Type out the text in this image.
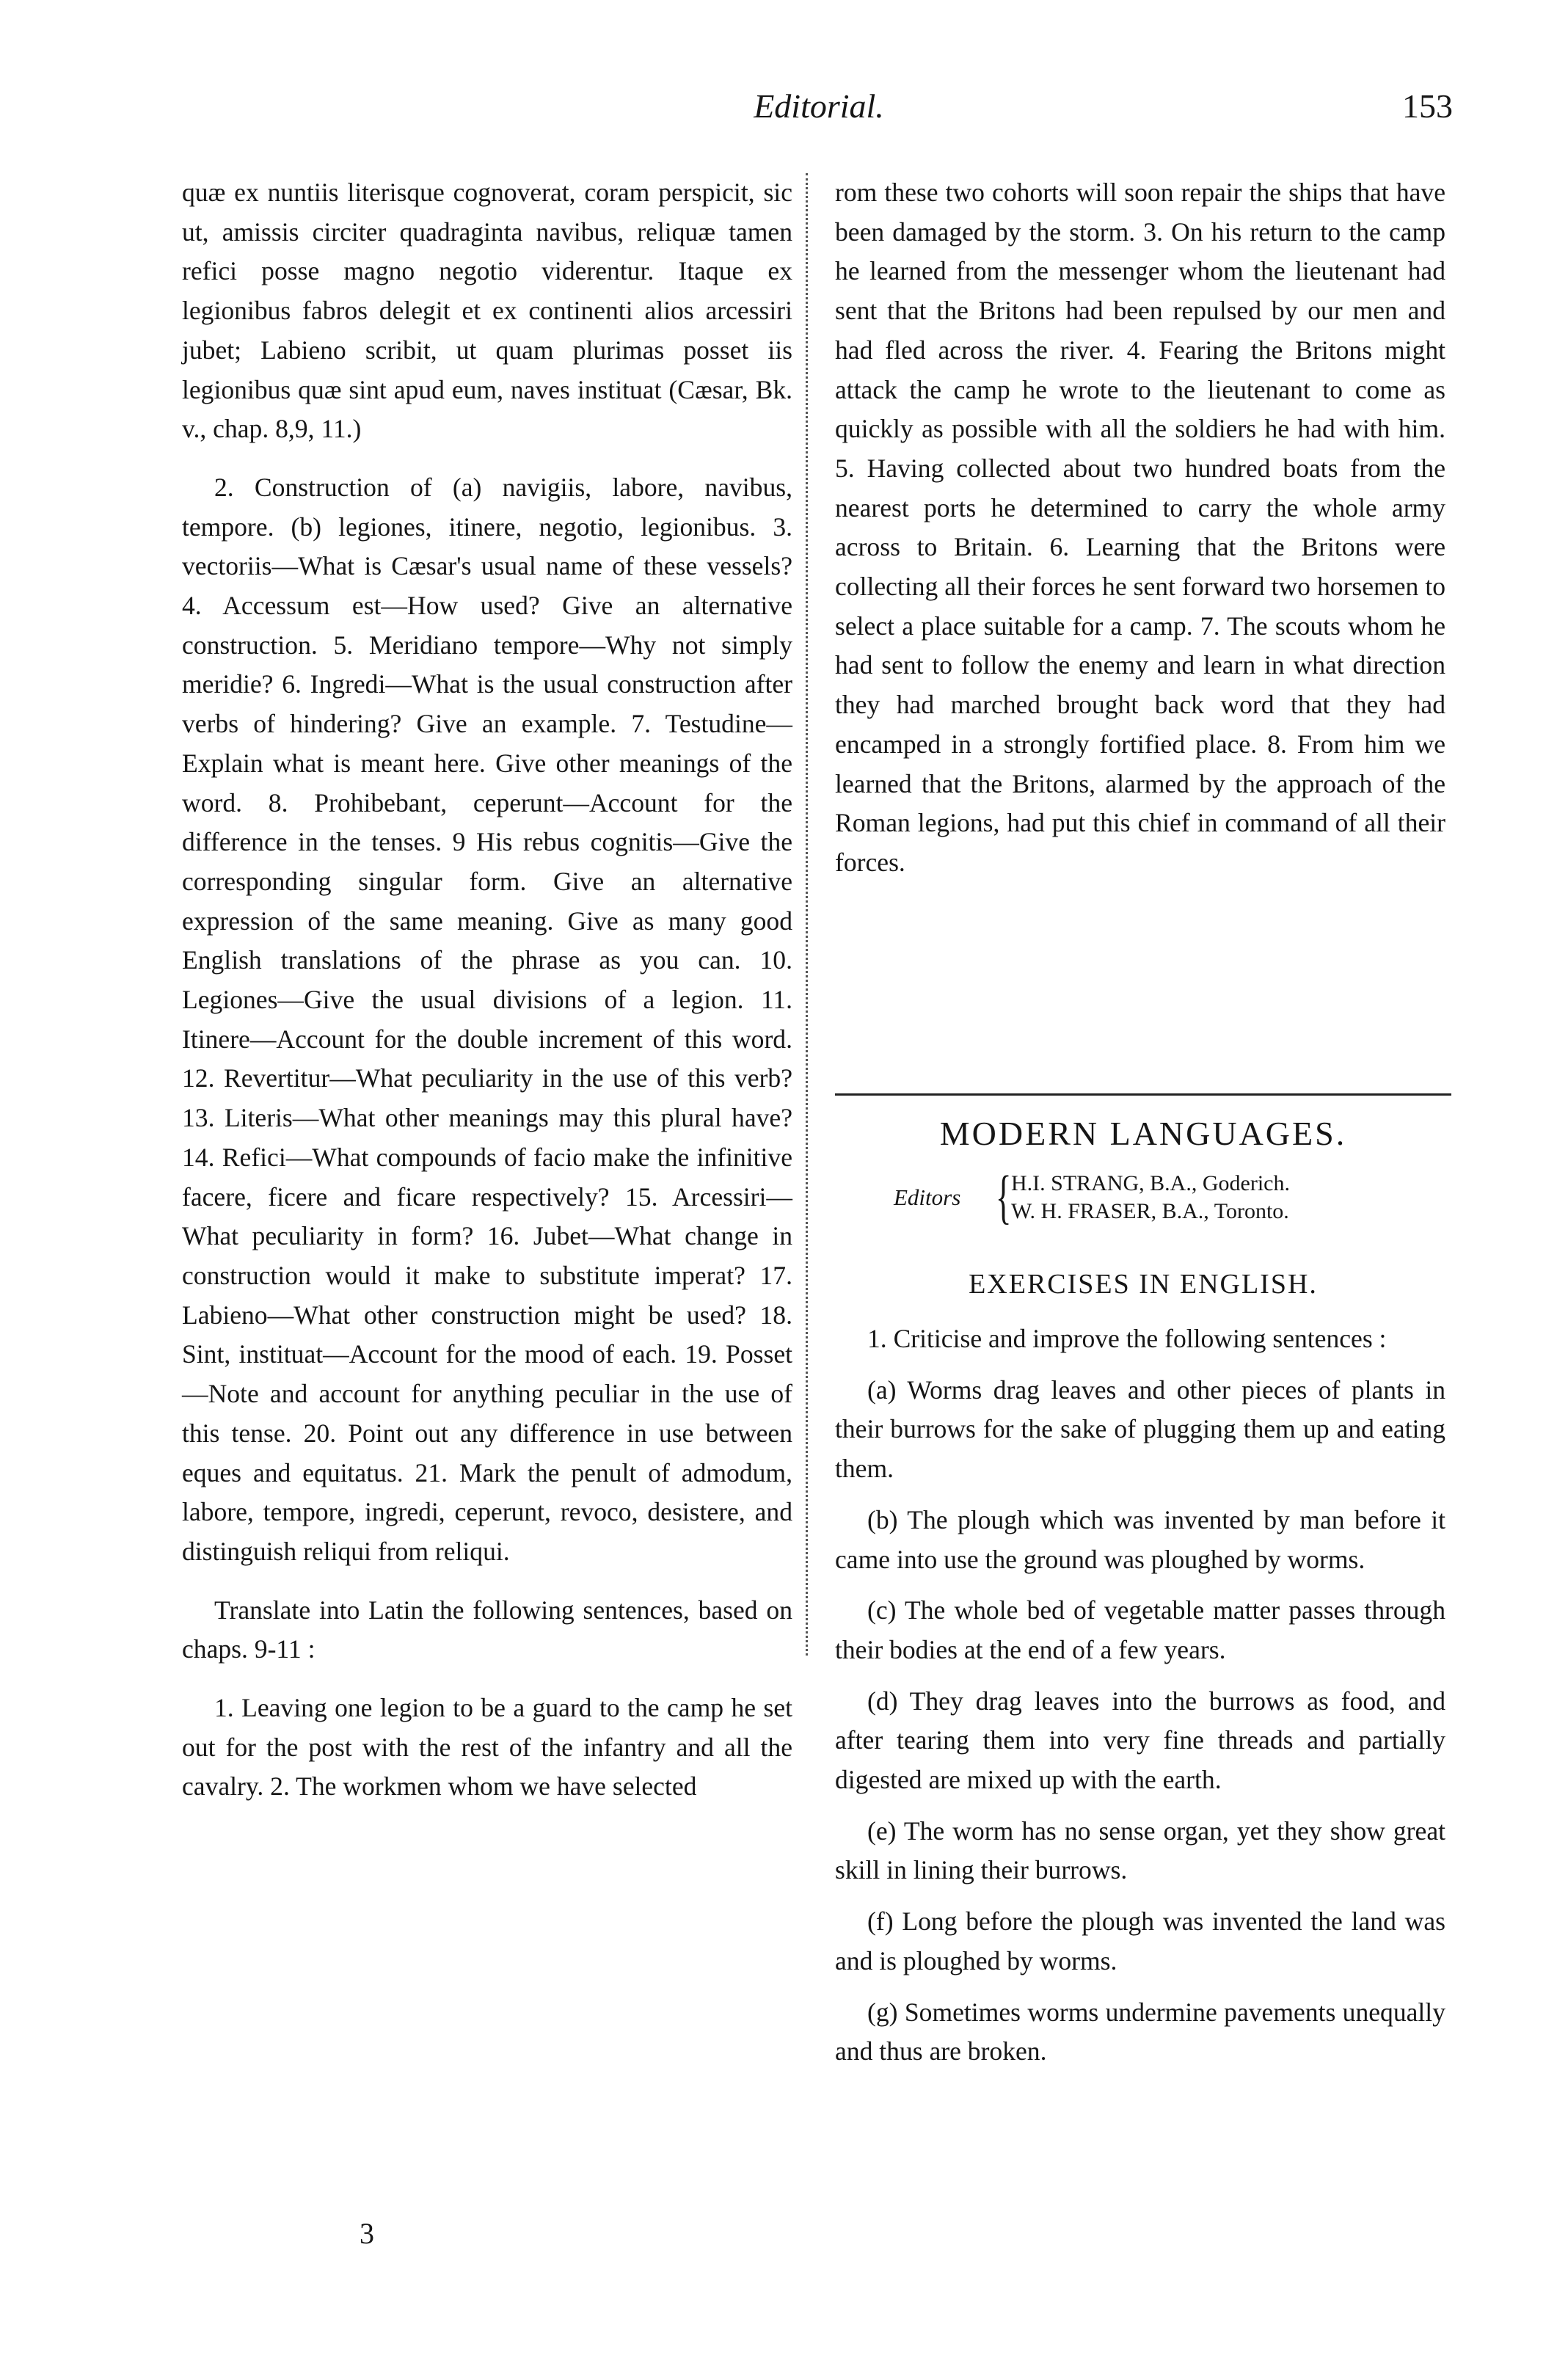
Editorial.	153

quæ ex nuntiis literisque cognoverat, coram perspicit, sic ut, amissis circiter quadraginta navibus, reliquæ tamen refici posse magno negotio viderentur. Itaque ex legionibus fabros delegit et ex continenti alios arcessiri jubet; Labieno scribit, ut quam plurimas posset iis legionibus quæ sint apud eum, naves instituat (Cæsar, Bk. v., chap. 8,9, 11.)

2. Construction of (a) navigiis, labore, navibus, tempore. (b) legiones, itinere, negotio, legionibus. 3. vectoriis—What is Cæsar's usual name of these vessels? 4. Accessum est—How used? Give an alternative construction. 5. Meridiano tempore—Why not simply meridie? 6. Ingredi—What is the usual construction after verbs of hindering? Give an example. 7. Testudine—Explain what is meant here. Give other meanings of the word. 8. Prohibebant, ceperunt—Account for the difference in the tenses. 9 His rebus cognitis—Give the corresponding singular form. Give an alternative expression of the same meaning. Give as many good English translations of the phrase as you can. 10. Legiones—Give the usual divisions of a legion. 11. Itinere—Account for the double increment of this word. 12. Revertitur—What peculiarity in the use of this verb? 13. Literis—What other meanings may this plural have? 14. Refici—What compounds of facio make the infinitive facere, ficere and ficare respectively? 15. Arcessiri—What peculiarity in form? 16. Jubet—What change in construction would it make to substitute imperat? 17. Labieno—What other construction might be used? 18. Sint, instituat—Account for the mood of each. 19. Posset—Note and account for anything peculiar in the use of this tense. 20. Point out any difference in use between eques and equitatus. 21. Mark the penult of admodum, labore, tempore, ingredi, ceperunt, revoco, desistere, and distinguish reliqui from reliqui.

Translate into Latin the following sentences, based on chaps. 9-11 :

1. Leaving one legion to be a guard to the camp he set out for the post with the rest of the infantry and all the cavalry. 2. The workmen whom we have selected

3

rom these two cohorts will soon repair the ships that have been damaged by the storm. 3. On his return to the camp he learned from the messenger whom the lieutenant had sent that the Britons had been repulsed by our men and had fled across the river. 4. Fearing the Britons might attack the camp he wrote to the lieutenant to come as quickly as possible with all the soldiers he had with him. 5. Having collected about two hundred boats from the nearest ports he determined to carry the whole army across to Britain. 6. Learning that the Britons were collecting all their forces he sent forward two horsemen to select a place suitable for a camp. 7. The scouts whom he had sent to follow the enemy and learn in what direction they had marched brought back word that they had encamped in a strongly fortified place. 8. From him we learned that the Britons, alarmed by the approach of the Roman legions, had put this chief in command of all their forces.

MODERN LANGUAGES.
Editors { H.I. STRANG, B.A., Goderich.
W. H. FRASER, B.A., Toronto.
EXERCISES IN ENGLISH.

1. Criticise and improve the following sentences :

(a) Worms drag leaves and other pieces of plants in their burrows for the sake of plugging them up and eating them.

(b) The plough which was invented by man before it came into use the ground was ploughed by worms.

(c) The whole bed of vegetable matter passes through their bodies at the end of a few years.

(d) They drag leaves into the burrows as food, and after tearing them into very fine threads and partially digested are mixed up with the earth.

(e) The worm has no sense organ, yet they show great skill in lining their burrows.

(f) Long before the plough was invented the land was and is ploughed by worms.

(g) Sometimes worms undermine pavements unequally and thus are broken.
